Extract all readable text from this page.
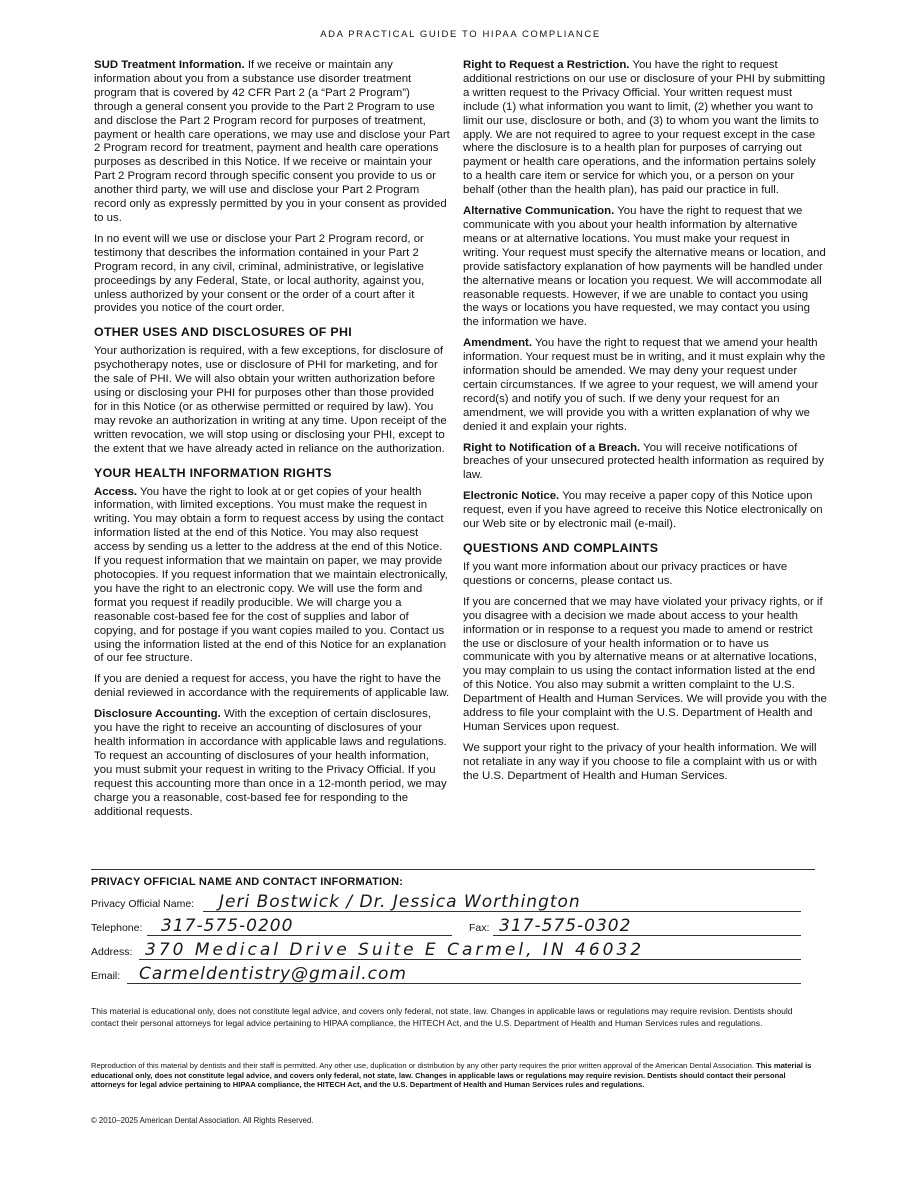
ADA PRACTICAL GUIDE TO HIPAA COMPLIANCE

SUD Treatment Information. If we receive or maintain any information about you from a substance use disorder treatment program that is covered by 42 CFR Part 2 (a “Part 2 Program”) through a general consent you provide to the Part 2 Program to use and disclose the Part 2 Program record for purposes of treatment, payment or health care operations, we may use and disclose your Part 2 Program record for treatment, payment and health care operations purposes as described in this Notice. If we receive or maintain your Part 2 Program record through specific consent you provide to us or another third party, we will use and disclose your Part 2 Program record only as expressly permitted by you in your consent as provided to us.

In no event will we use or disclose your Part 2 Program record, or testimony that describes the information contained in your Part 2 Program record, in any civil, criminal, administrative, or legislative proceedings by any Federal, State, or local authority, against you, unless authorized by your consent or the order of a court after it provides you notice of the court order.

OTHER USES AND DISCLOSURES OF PHI

Your authorization is required, with a few exceptions, for disclosure of psychotherapy notes, use or disclosure of PHI for marketing, and for the sale of PHI. We will also obtain your written authorization before using or disclosing your PHI for purposes other than those provided for in this Notice (or as otherwise permitted or required by law). You may revoke an authorization in writing at any time. Upon receipt of the written revocation, we will stop using or disclosing your PHI, except to the extent that we have already acted in reliance on the authorization.

YOUR HEALTH INFORMATION RIGHTS

Access. You have the right to look at or get copies of your health information, with limited exceptions. You must make the request in writing. You may obtain a form to request access by using the contact information listed at the end of this Notice. You may also request access by sending us a letter to the address at the end of this Notice. If you request information that we maintain on paper, we may provide photocopies. If you request information that we maintain electronically, you have the right to an electronic copy. We will use the form and format you request if readily producible. We will charge you a reasonable cost-based fee for the cost of supplies and labor of copying, and for postage if you want copies mailed to you. Contact us using the information listed at the end of this Notice for an explanation of our fee structure.

If you are denied a request for access, you have the right to have the denial reviewed in accordance with the requirements of applicable law.

Disclosure Accounting. With the exception of certain disclosures, you have the right to receive an accounting of disclosures of your health information in accordance with applicable laws and regulations. To request an accounting of disclosures of your health information, you must submit your request in writing to the Privacy Official. If you request this accounting more than once in a 12-month period, we may charge you a reasonable, cost-based fee for responding to the additional requests.

Right to Request a Restriction. You have the right to request additional restrictions on our use or disclosure of your PHI by submitting a written request to the Privacy Official. Your written request must include (1) what information you want to limit, (2) whether you want to limit our use, disclosure or both, and (3) to whom you want the limits to apply. We are not required to agree to your request except in the case where the disclosure is to a health plan for purposes of carrying out payment or health care operations, and the information pertains solely to a health care item or service for which you, or a person on your behalf (other than the health plan), has paid our practice in full.

Alternative Communication. You have the right to request that we communicate with you about your health information by alternative means or at alternative locations. You must make your request in writing. Your request must specify the alternative means or location, and provide satisfactory explanation of how payments will be handled under the alternative means or location you request. We will accommodate all reasonable requests. However, if we are unable to contact you using the ways or locations you have requested, we may contact you using the information we have.

Amendment. You have the right to request that we amend your health information. Your request must be in writing, and it must explain why the information should be amended. We may deny your request under certain circumstances. If we agree to your request, we will amend your record(s) and notify you of such. If we deny your request for an amendment, we will provide you with a written explanation of why we denied it and explain your rights.

Right to Notification of a Breach. You will receive notifications of breaches of your unsecured protected health information as required by law.

Electronic Notice. You may receive a paper copy of this Notice upon request, even if you have agreed to receive this Notice electronically on our Web site or by electronic mail (e-mail).

QUESTIONS AND COMPLAINTS

If you want more information about our privacy practices or have questions or concerns, please contact us.

If you are concerned that we may have violated your privacy rights, or if you disagree with a decision we made about access to your health information or in response to a request you made to amend or restrict the use or disclosure of your health information or to have us communicate with you by alternative means or at alternative locations, you may complain to us using the contact information listed at the end of this Notice. You also may submit a written complaint to the U.S. Department of Health and Human Services. We will provide you with the address to file your complaint with the U.S. Department of Health and Human Services upon request.

We support your right to the privacy of your health information. We will not retaliate in any way if you choose to file a complaint with us or with the U.S. Department of Health and Human Services.

PRIVACY OFFICIAL NAME AND CONTACT INFORMATION:
Privacy Official Name: Jeri Bostwick / Dr. Jessica Worthington
Telephone: 317-575-0200	Fax: 317-575-0302
Address: 370 Medical Drive Suite E Carmel, IN 46032
Email: Carmeldentistry@gmail.com
This material is educational only, does not constitute legal advice, and covers only federal, not state, law. Changes in applicable laws or regulations may require revision. Dentists should contact their personal attorneys for legal advice pertaining to HIPAA compliance, the HITECH Act, and the U.S. Department of Health and Human Services rules and regulations.
Reproduction of this material by dentists and their staff is permitted. Any other use, duplication or distribution by any other party requires the prior written approval of the American Dental Association. This material is educational only, does not constitute legal advice, and covers only federal, not state, law. Changes in applicable laws or regulations may require revision. Dentists should contact their personal attorneys for legal advice pertaining to HIPAA compliance, the HITECH Act, and the U.S. Department of Health and Human Services rules and regulations.
© 2010–2025 American Dental Association. All Rights Reserved.
